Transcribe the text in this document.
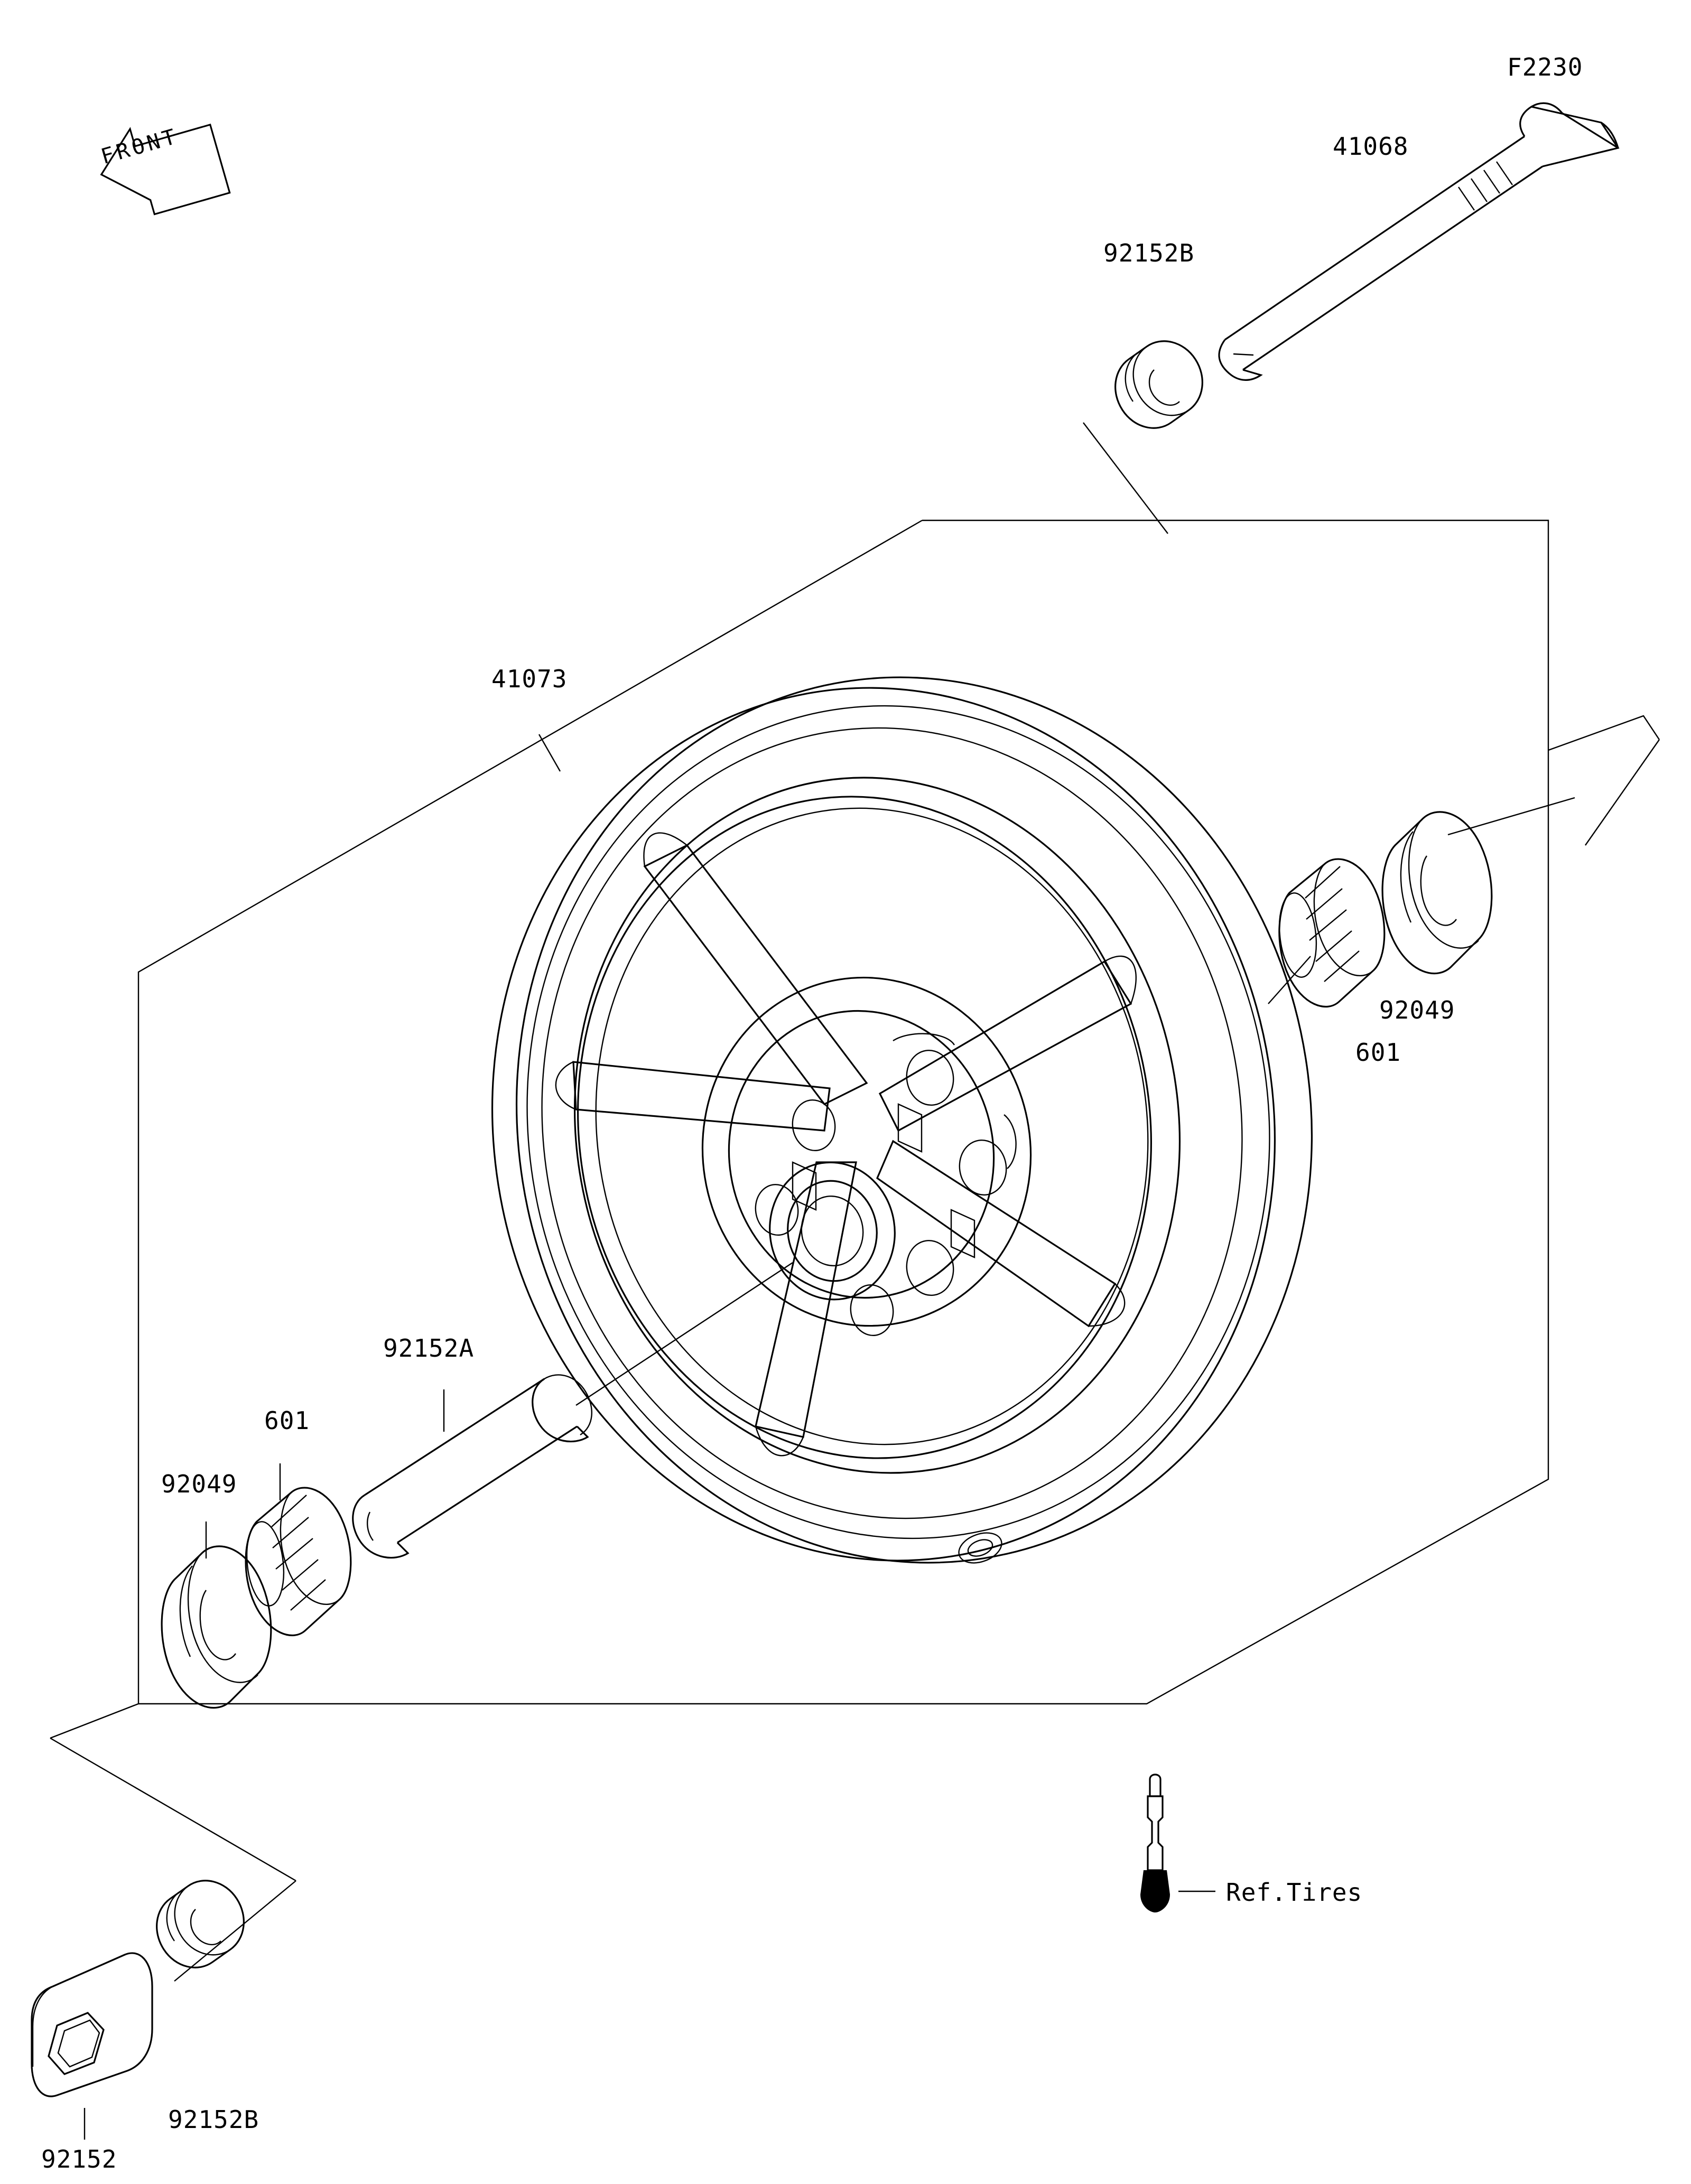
F2230
41068
92152B
41073
601
92049
92152A
601
92049
92152B
92152
Ref.Tires
FRONT
